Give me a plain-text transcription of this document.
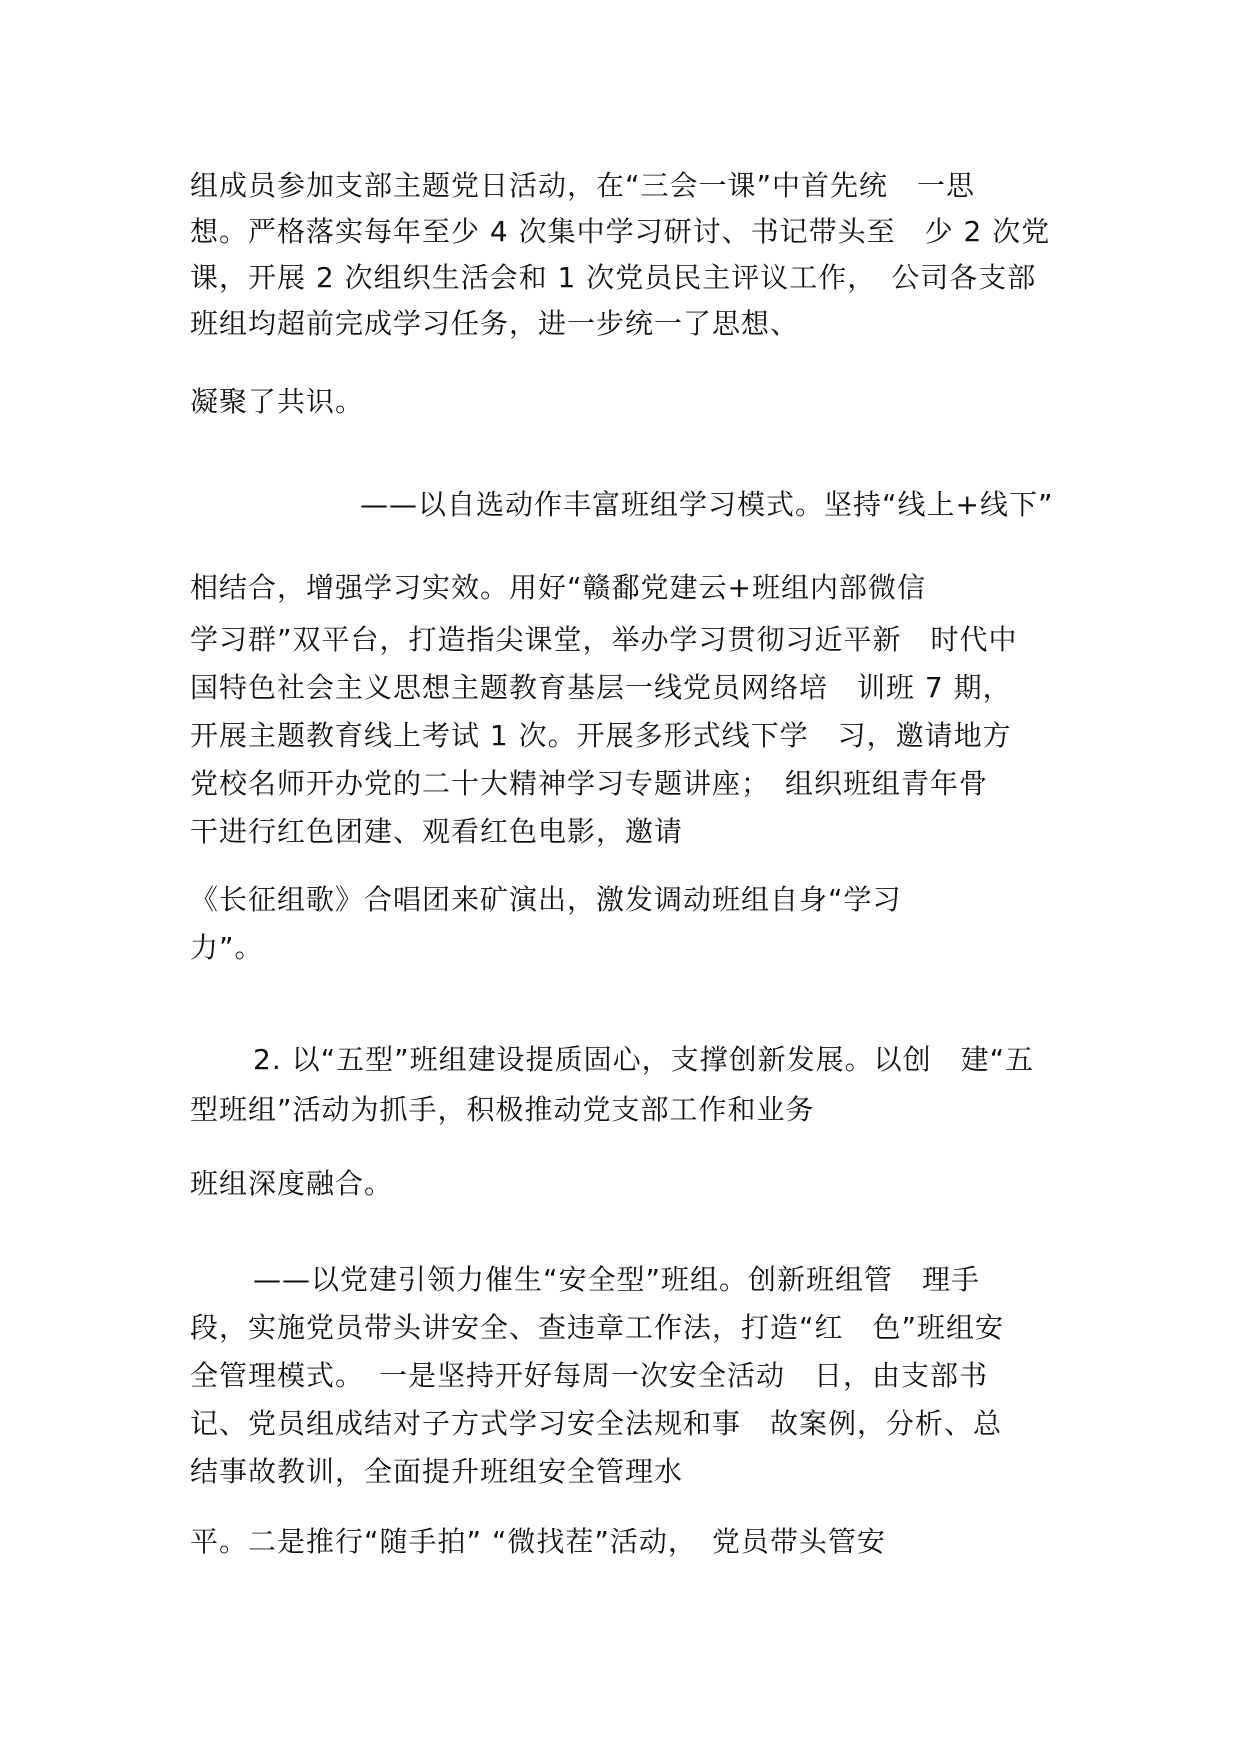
组成员参加支部主题党日活动，在“三会一课”中首先统　一思
想。严格落实每年至少 4 次集中学习研讨、书记带头至　少 2 次党
课，开展 2 次组织生活会和 1 次党员民主评议工作，　公司各支部
班组均超前完成学习任务，进一步统一了思想、
凝聚了共识。
——以自选动作丰富班组学习模式。坚持“线上+线下”
相结合，增强学习实效。用好“赣鄱党建云+班组内部微信
学习群”双平台，打造指尖课堂，举办学习贯彻习近平新　时代中
国特色社会主义思想主题教育基层一线党员网络培　训班 7 期，
开展主题教育线上考试 1 次。开展多形式线下学　习，邀请地方
党校名师开办党的二十大精神学习专题讲座；　组织班组青年骨
干进行红色团建、观看红色电影，邀请
《长征组歌》合唱团来矿演出，激发调动班组自身“学习
力”。
2. 以“五型”班组建设提质固心，支撑创新发展。以创　建“五
型班组”活动为抓手，积极推动党支部工作和业务
班组深度融合。
——以党建引领力催生“安全型”班组。创新班组管　理手
段，实施党员带头讲安全、查违章工作法，打造“红　色”班组安
全管理模式。　一是坚持开好每周一次安全活动　日，由支部书
记、党员组成结对子方式学习安全法规和事　故案例，分析、总
结事故教训，全面提升班组安全管理水
平。二是推行“随手拍” “微找茬”活动，　党员带头管安
